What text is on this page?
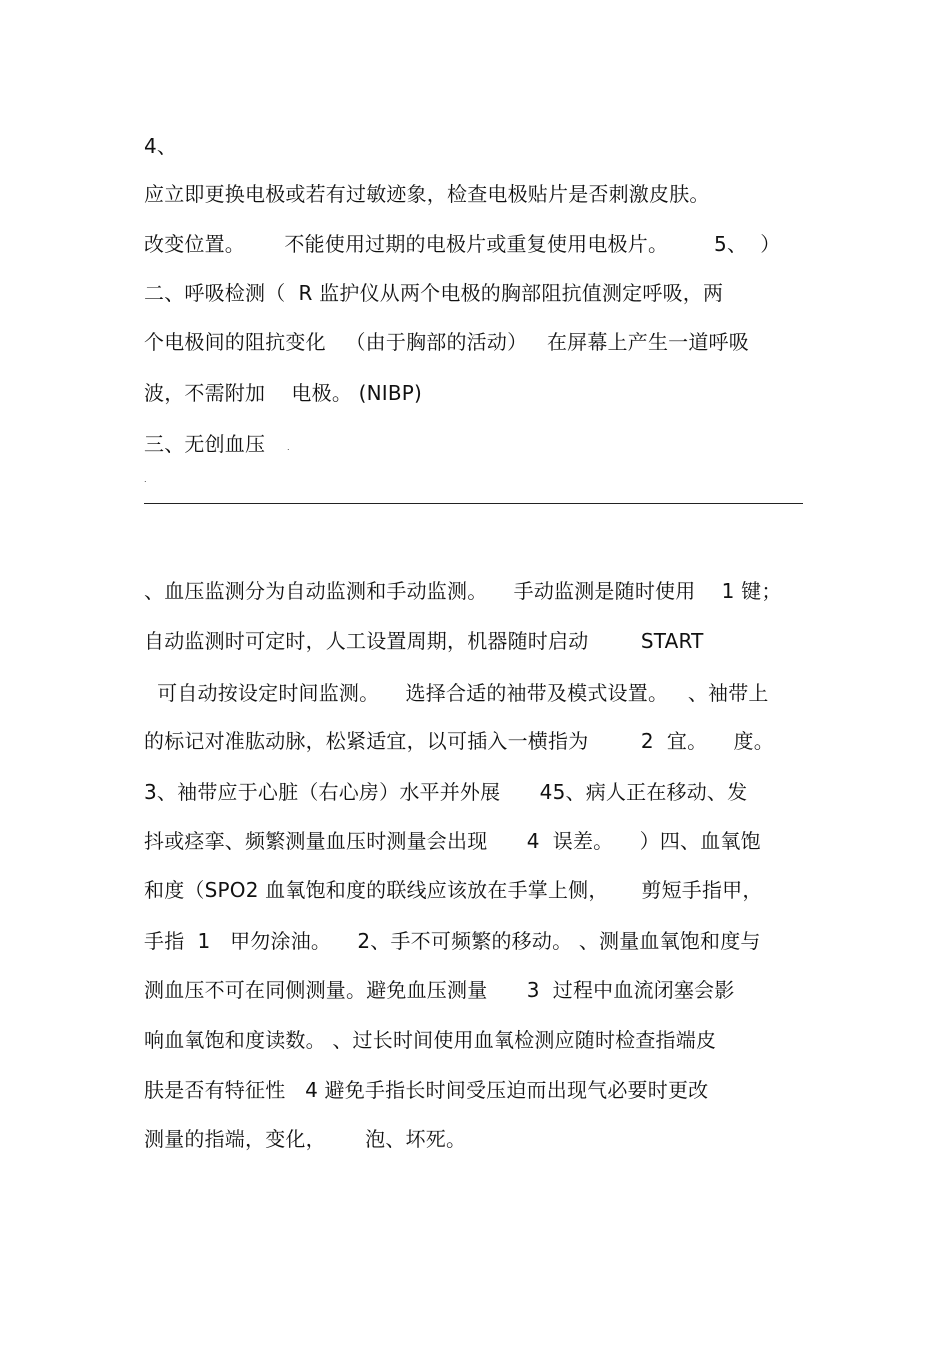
4、
应立即更换电极或若有过敏迹象，检查电极贴片是否刺激皮肤。
改变位置。      不能使用过期的电极片或重复使用电极片。       5、  ）
二、呼吸检测（  R 监护仪从两个电极的胸部阻抗值测定呼吸，两
个电极间的阻抗变化   （由于胸部的活动）   在屏幕上产生一道呼吸
波，不需附加    电极。 (NIBP)
三、无创血压	.
.
、血压监测分为自动监测和手动监测。    手动监测是随时使用    1 键；
自动监测时可定时，人工设置周期，机器随时启动        START
可自动按设定时间监测。    选择合适的袖带及模式设置。   、袖带上
的标记对准肱动脉，松紧适宜，以可插入一横指为        2  宜。    度。
3、袖带应于心脏（右心房）水平并外展      45、病人正在移动、发
抖或痉挛、频繁测量血压时测量会出现      4  误差。    ）四、血氧饱
和度（SPO2 血氧饱和度的联线应该放在手掌上侧，     剪短手指甲，
手指  1   甲勿涂油。    2、手不可频繁的移动。 、测量血氧饱和度与
测血压不可在同侧测量。避免血压测量      3  过程中血流闭塞会影
响血氧饱和度读数。 、过长时间使用血氧检测应随时检查指端皮
肤是否有特征性   4 避免手指长时间受压迫而出现气必要时更改
测量的指端，变化，      泡、坏死。
